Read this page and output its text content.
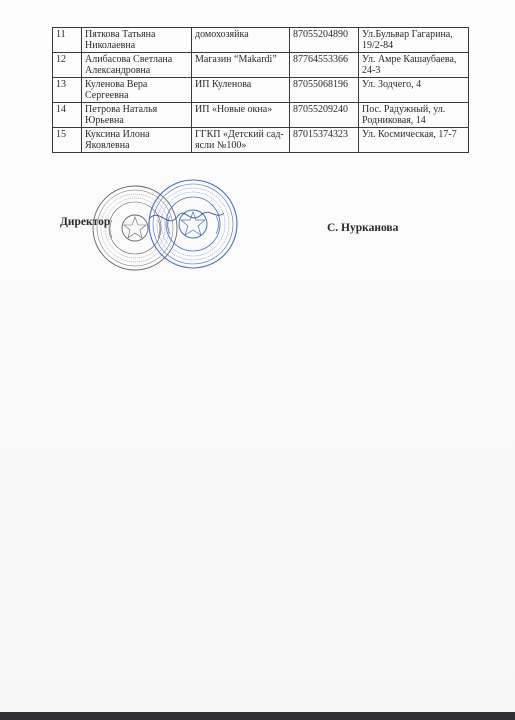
11	Пяткова Татьяна Николаевна	домохозяйка	87055204890	Ул.Бульвар Гагарина, 19/2-84
12	Алибасова Светлана Александровна	Магазин “Makardi”	87764553366	Ул. Амре Кашаубаева, 24-3
13	Куленова Вера Сергеевна	ИП Куленова	87055068196	Ул. Зодчего, 4
14	Петрова Наталья Юрьевна	ИП «Новые окна»	87055209240	Пос. Радужный, ул. Родниковая, 14
15	Куксина Илона Яковлевна	ГГКП «Детский сад-ясли №100»	87015374323	Ул. Космическая, 17-7
Директор	С. Нурканова
